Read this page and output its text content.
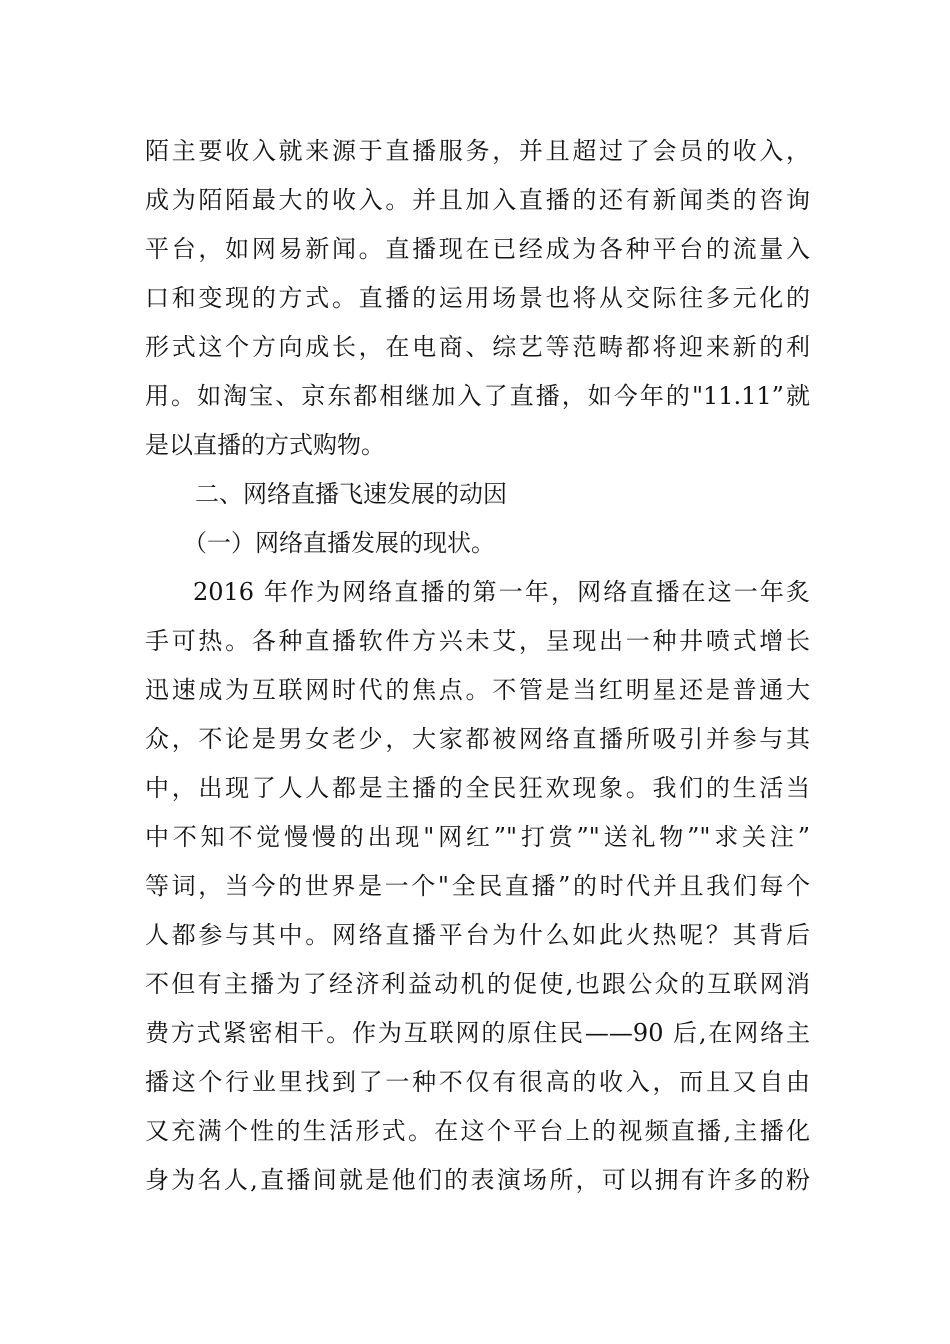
陌主要收入就来源于直播服务，并且超过了会员的收入，
成为陌陌最大的收入。并且加入直播的还有新闻类的咨询
平台，如网易新闻。直播现在已经成为各种平台的流量入
口和变现的方式。直播的运用场景也将从交际往多元化的
形式这个方向成长，在电商、综艺等范畴都将迎来新的利
用。如淘宝、京东都相继加入了直播，如今年的"11.11”就
是以直播的方式购物。
二、网络直播飞速发展的动因
（一）网络直播发展的现状。
2016 年作为网络直播的第一年，网络直播在这一年炙
手可热。各种直播软件方兴未艾，呈现出一种井喷式增长
迅速成为互联网时代的焦点。不管是当红明星还是普通大
众，不论是男女老少，大家都被网络直播所吸引并参与其
中，出现了人人都是主播的全民狂欢现象。我们的生活当
中不知不觉慢慢的出现"网红”"打赏”"送礼物”"求关注”
等词，当今的世界是一个"全民直播”的时代并且我们每个
人都参与其中。网络直播平台为什么如此火热呢？其背后
不但有主播为了经济利益动机的促使,也跟公众的互联网消
费方式紧密相干。作为互联网的原住民——90 后,在网络主
播这个行业里找到了一种不仅有很高的收入，而且又自由
又充满个性的生活形式。在这个平台上的视频直播,主播化
身为名人,直播间就是他们的表演场所，可以拥有许多的粉
